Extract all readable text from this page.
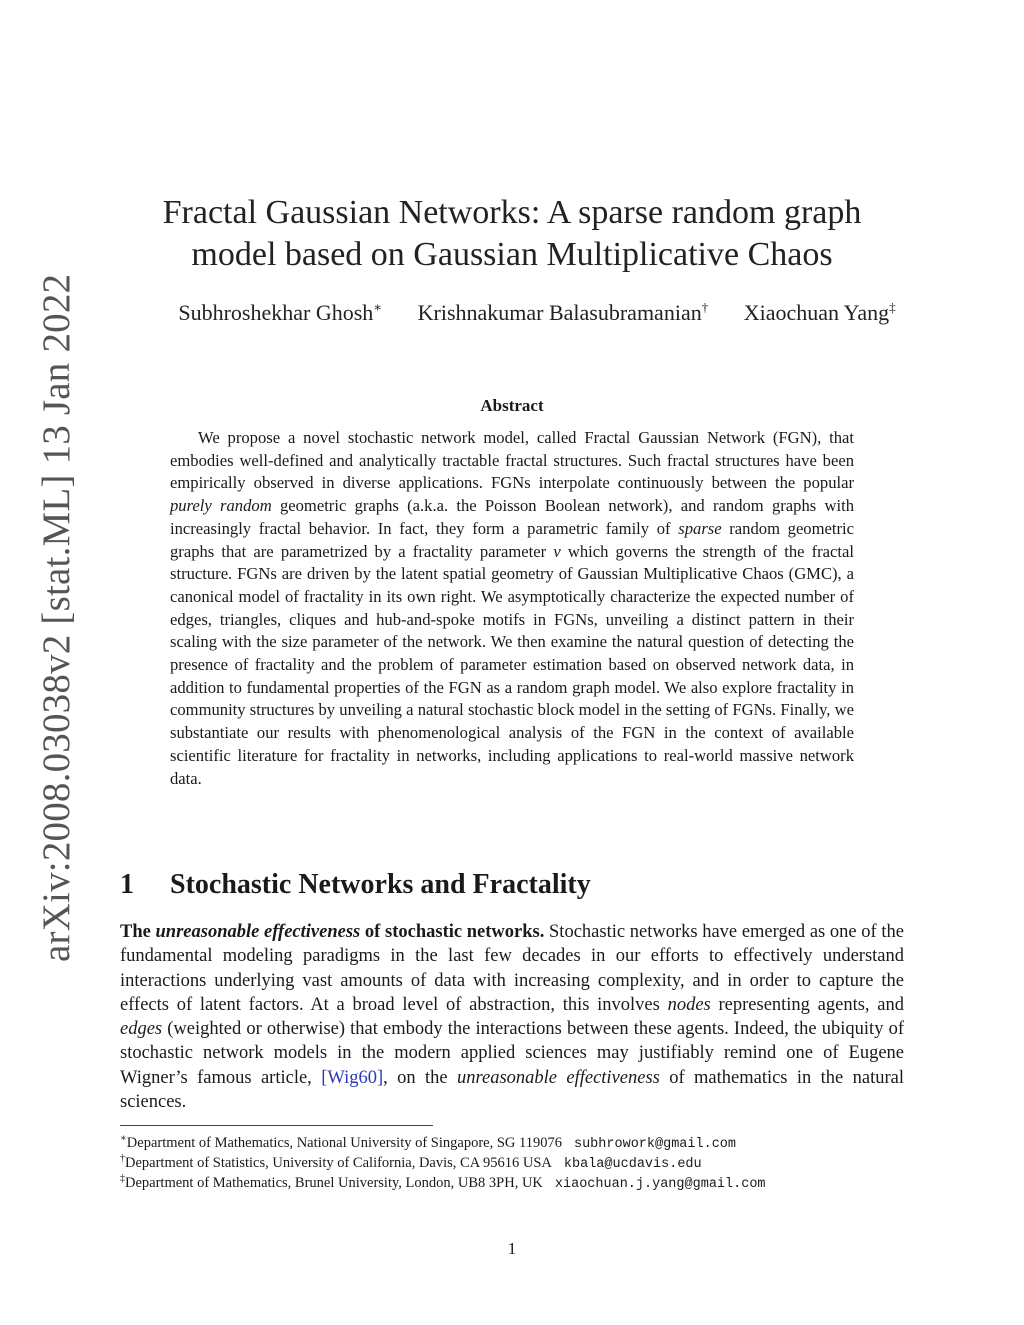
arXiv:2008.03038v2 [stat.ML] 13 Jan 2022
Fractal Gaussian Networks: A sparse random graph
model based on Gaussian Multiplicative Chaos
Subhroshekhar Ghosh∗ Krishnakumar Balasubramanian† Xiaochuan Yang‡
Abstract
We propose a novel stochastic network model, called Fractal Gaussian Network (FGN), that embodies well-defined and analytically tractable fractal structures. Such fractal structures have been empirically observed in diverse applications. FGNs interpolate continuously between the popular purely random geometric graphs (a.k.a. the Poisson Boolean network), and random graphs with increasingly fractal behavior. In fact, they form a parametric family of sparse random geometric graphs that are parametrized by a fractality parameter ν which governs the strength of the fractal structure. FGNs are driven by the latent spatial geometry of Gaussian Multiplicative Chaos (GMC), a canonical model of fractality in its own right. We asymptotically characterize the expected number of edges, triangles, cliques and hub-and-spoke motifs in FGNs, unveiling a distinct pattern in their scaling with the size parameter of the network. We then examine the natural question of detecting the presence of fractality and the problem of parameter estimation based on observed network data, in addition to fundamental properties of the FGN as a random graph model. We also explore fractality in community structures by unveiling a natural stochastic block model in the setting of FGNs. Finally, we substantiate our results with phenomenological analysis of the FGN in the context of available scientific literature for fractality in networks, including applications to real-world massive network data.
1 Stochastic Networks and Fractality
The unreasonable effectiveness of stochastic networks. Stochastic networks have emerged as one of the fundamental modeling paradigms in the last few decades in our efforts to effectively understand interactions underlying vast amounts of data with increasing complexity, and in order to capture the effects of latent factors. At a broad level of abstraction, this involves nodes representing agents, and edges (weighted or otherwise) that embody the interactions between these agents. Indeed, the ubiquity of stochastic network models in the modern applied sciences may justifiably remind one of Eugene Wigner’s famous article, [Wig60], on the unreasonable effectiveness of mathematics in the natural sciences.
∗Department of Mathematics, National University of Singapore, SG 119076 subhrowork@gmail.com
†Department of Statistics, University of California, Davis, CA 95616 USA kbala@ucdavis.edu
‡Department of Mathematics, Brunel University, London, UB8 3PH, UK xiaochuan.j.yang@gmail.com
1
